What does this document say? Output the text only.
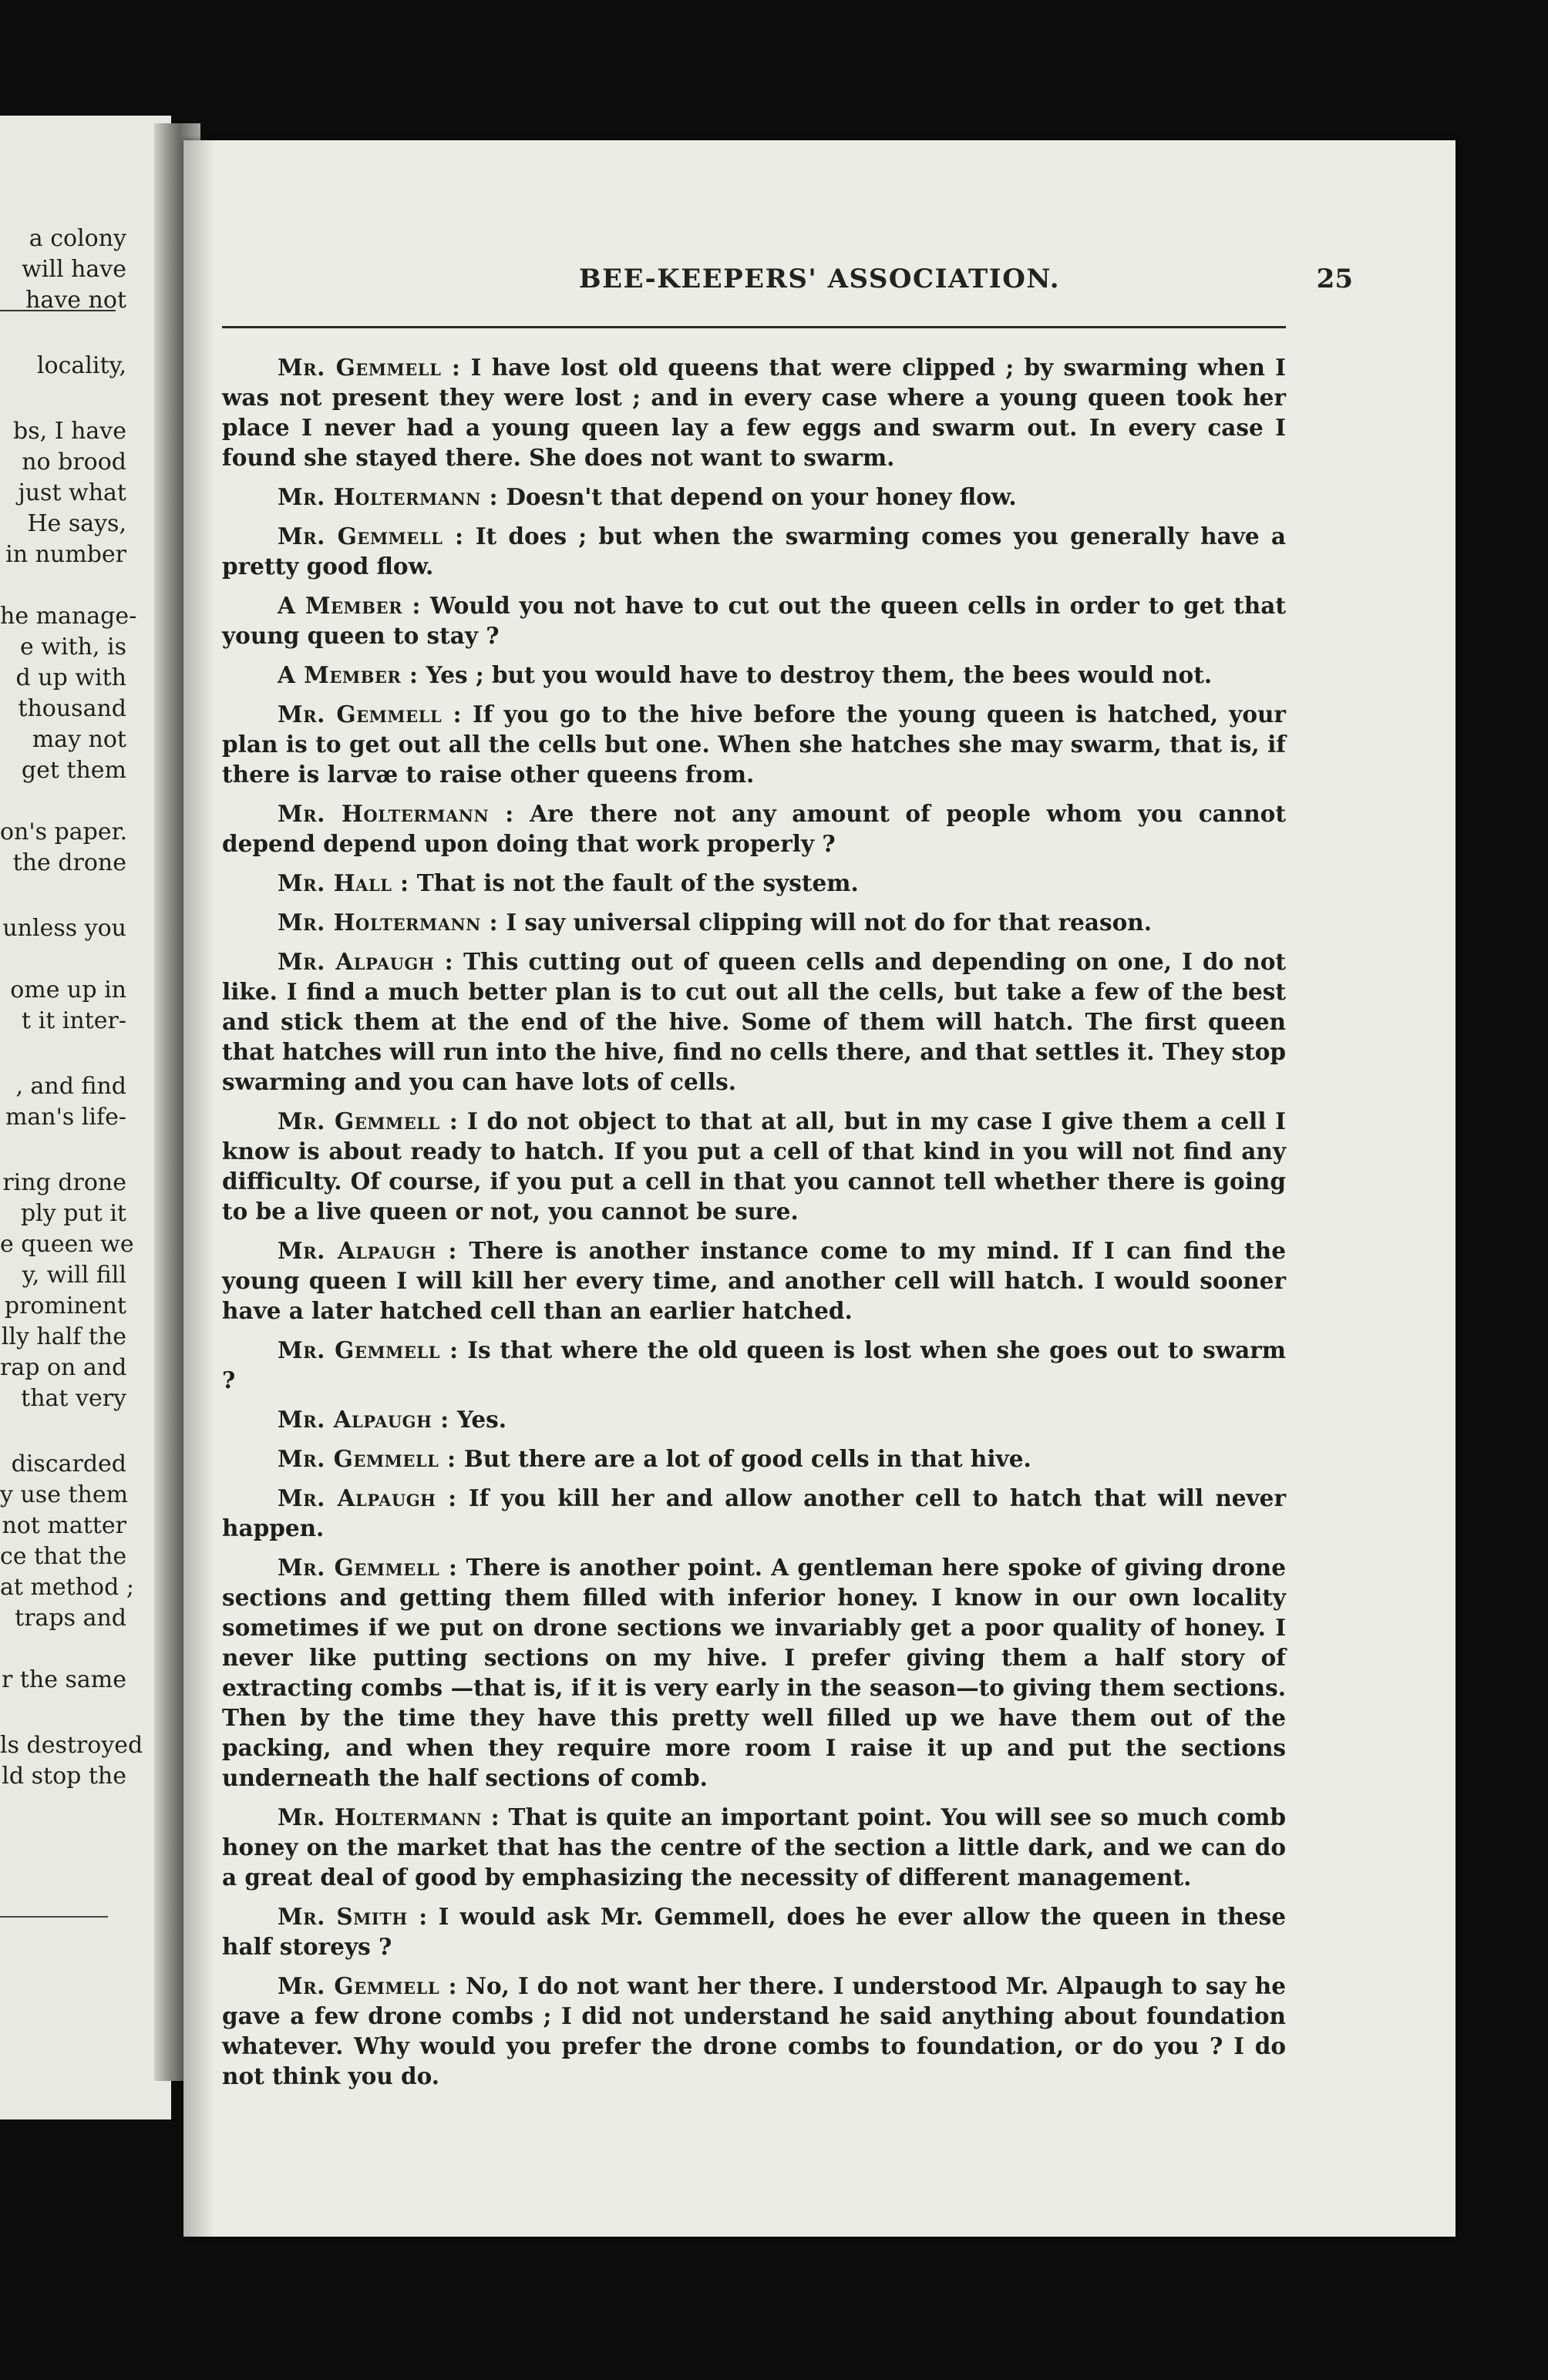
a colony
will have
have not
locality,
bs, I have
no brood
just what
He says,
in number
he manage-
e with, is
d up with
thousand
may not
get them
on's paper.
the drone
unless you
ome up in
t it inter-
, and find
man's life-
ring drone
ply put it
e queen we
y, will fill
prominent
lly half the
rap on and
that very
discarded
y use them
not matter
ce that the
at method ;
traps and
r the same
ls destroyed
ld stop the
BEE-KEEPERS' ASSOCIATION.	25

Mr. Gemmell : I have lost old queens that were clipped ; by swarming when I was not present they were lost ; and in every case where a young queen took her place I never had a young queen lay a few eggs and swarm out. In every case I found she stayed there. She does not want to swarm.

Mr. Holtermann : Doesn't that depend on your honey flow.

Mr. Gemmell : It does ; but when the swarming comes you generally have a pretty good flow.

A Member : Would you not have to cut out the queen cells in order to get that young queen to stay ?

A Member : Yes ; but you would have to destroy them, the bees would not.

Mr. Gemmell : If you go to the hive before the young queen is hatched, your plan is to get out all the cells but one. When she hatches she may swarm, that is, if there is larvæ to raise other queens from.

Mr. Holtermann : Are there not any amount of people whom you cannot depend depend upon doing that work properly ?

Mr. Hall : That is not the fault of the system.

Mr. Holtermann : I say universal clipping will not do for that reason.

Mr. Alpaugh : This cutting out of queen cells and depending on one, I do not like. I find a much better plan is to cut out all the cells, but take a few of the best and stick them at the end of the hive. Some of them will hatch. The first queen that hatches will run into the hive, find no cells there, and that settles it. They stop swarming and you can have lots of cells.

Mr. Gemmell : I do not object to that at all, but in my case I give them a cell I know is about ready to hatch. If you put a cell of that kind in you will not find any difficulty. Of course, if you put a cell in that you cannot tell whether there is going to be a live queen or not, you cannot be sure.

Mr. Alpaugh : There is another instance come to my mind. If I can find the young queen I will kill her every time, and another cell will hatch. I would sooner have a later hatched cell than an earlier hatched.

Mr. Gemmell : Is that where the old queen is lost when she goes out to swarm ?

Mr. Alpaugh : Yes.

Mr. Gemmell : But there are a lot of good cells in that hive.

Mr. Alpaugh : If you kill her and allow another cell to hatch that will never happen.

Mr. Gemmell : There is another point. A gentleman here spoke of giving drone sections and getting them filled with inferior honey. I know in our own locality sometimes if we put on drone sections we invariably get a poor quality of honey. I never like putting sections on my hive. I prefer giving them a half story of extracting combs —that is, if it is very early in the season—to giving them sections. Then by the time they have this pretty well filled up we have them out of the packing, and when they require more room I raise it up and put the sections underneath the half sections of comb.

Mr. Holtermann : That is quite an important point. You will see so much comb honey on the market that has the centre of the section a little dark, and we can do a great deal of good by emphasizing the necessity of different management.

Mr. Smith : I would ask Mr. Gemmell, does he ever allow the queen in these half storeys ?

Mr. Gemmell : No, I do not want her there. I understood Mr. Alpaugh to say he gave a few drone combs ; I did not understand he said anything about foundation whatever. Why would you prefer the drone combs to foundation, or do you ? I do not think you do.
